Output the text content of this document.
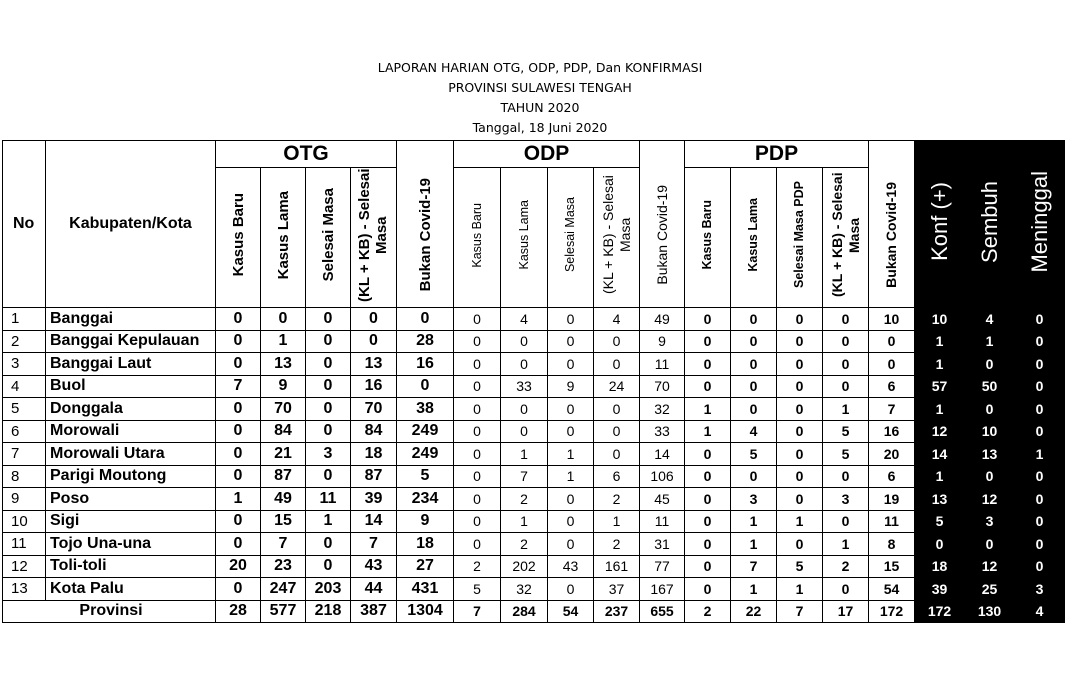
LAPORAN HARIAN OTG, ODP, PDP, Dan KONFIRMASI
PROVINSI SULAWESI TENGAH
TAHUN 2020
Tanggal, 18 Juni 2020
No	Kabupaten/Kota	OTG					ODP					PDP					Konf (+)	Sembuh	Meninggal
		Kasus Baru	Kasus Lama	Selesai Masa	(KL + KB) - Selesai Masa	Bukan Covid-19	Kasus Baru	Kasus Lama	Selesai Masa	(KL + KB) - Selesai Masa	Bukan Covid-19	Kasus Baru	Kasus Lama	Selesai Masa PDP	(KL + KB) - Selesai Masa	Bukan Covid-19			
1	Banggai	0	0	0	0	0	0	4	0	4	49	0	0	0	0	10	10	4	0
2	Banggai Kepulauan	0	1	0	0	28	0	0	0	0	9	0	0	0	0	0	1	1	0
3	Banggai Laut	0	13	0	13	16	0	0	0	0	11	0	0	0	0	0	1	0	0
4	Buol	7	9	0	16	0	0	33	9	24	70	0	0	0	0	6	57	50	0
5	Donggala	0	70	0	70	38	0	0	0	0	32	1	0	0	1	7	1	0	0
6	Morowali	0	84	0	84	249	0	0	0	0	33	1	4	0	5	16	12	10	0
7	Morowali Utara	0	21	3	18	249	0	1	1	0	14	0	5	0	5	20	14	13	1
8	Parigi Moutong	0	87	0	87	5	0	7	1	6	106	0	0	0	0	6	1	0	0
9	Poso	1	49	11	39	234	0	2	0	2	45	0	3	0	3	19	13	12	0
10	Sigi	0	15	1	14	9	0	1	0	1	11	0	1	1	0	11	5	3	0
11	Tojo Una-una	0	7	0	7	18	0	2	0	2	31	0	1	0	1	8	0	0	0
12	Toli-toli	20	23	0	43	27	2	202	43	161	77	0	7	5	2	15	18	12	0
13	Kota Palu	0	247	203	44	431	5	32	0	37	167	0	1	1	0	54	39	25	3
Provinsi		28	577	218	387	1304	7	284	54	237	655	2	22	7	17	172	172	130	4
